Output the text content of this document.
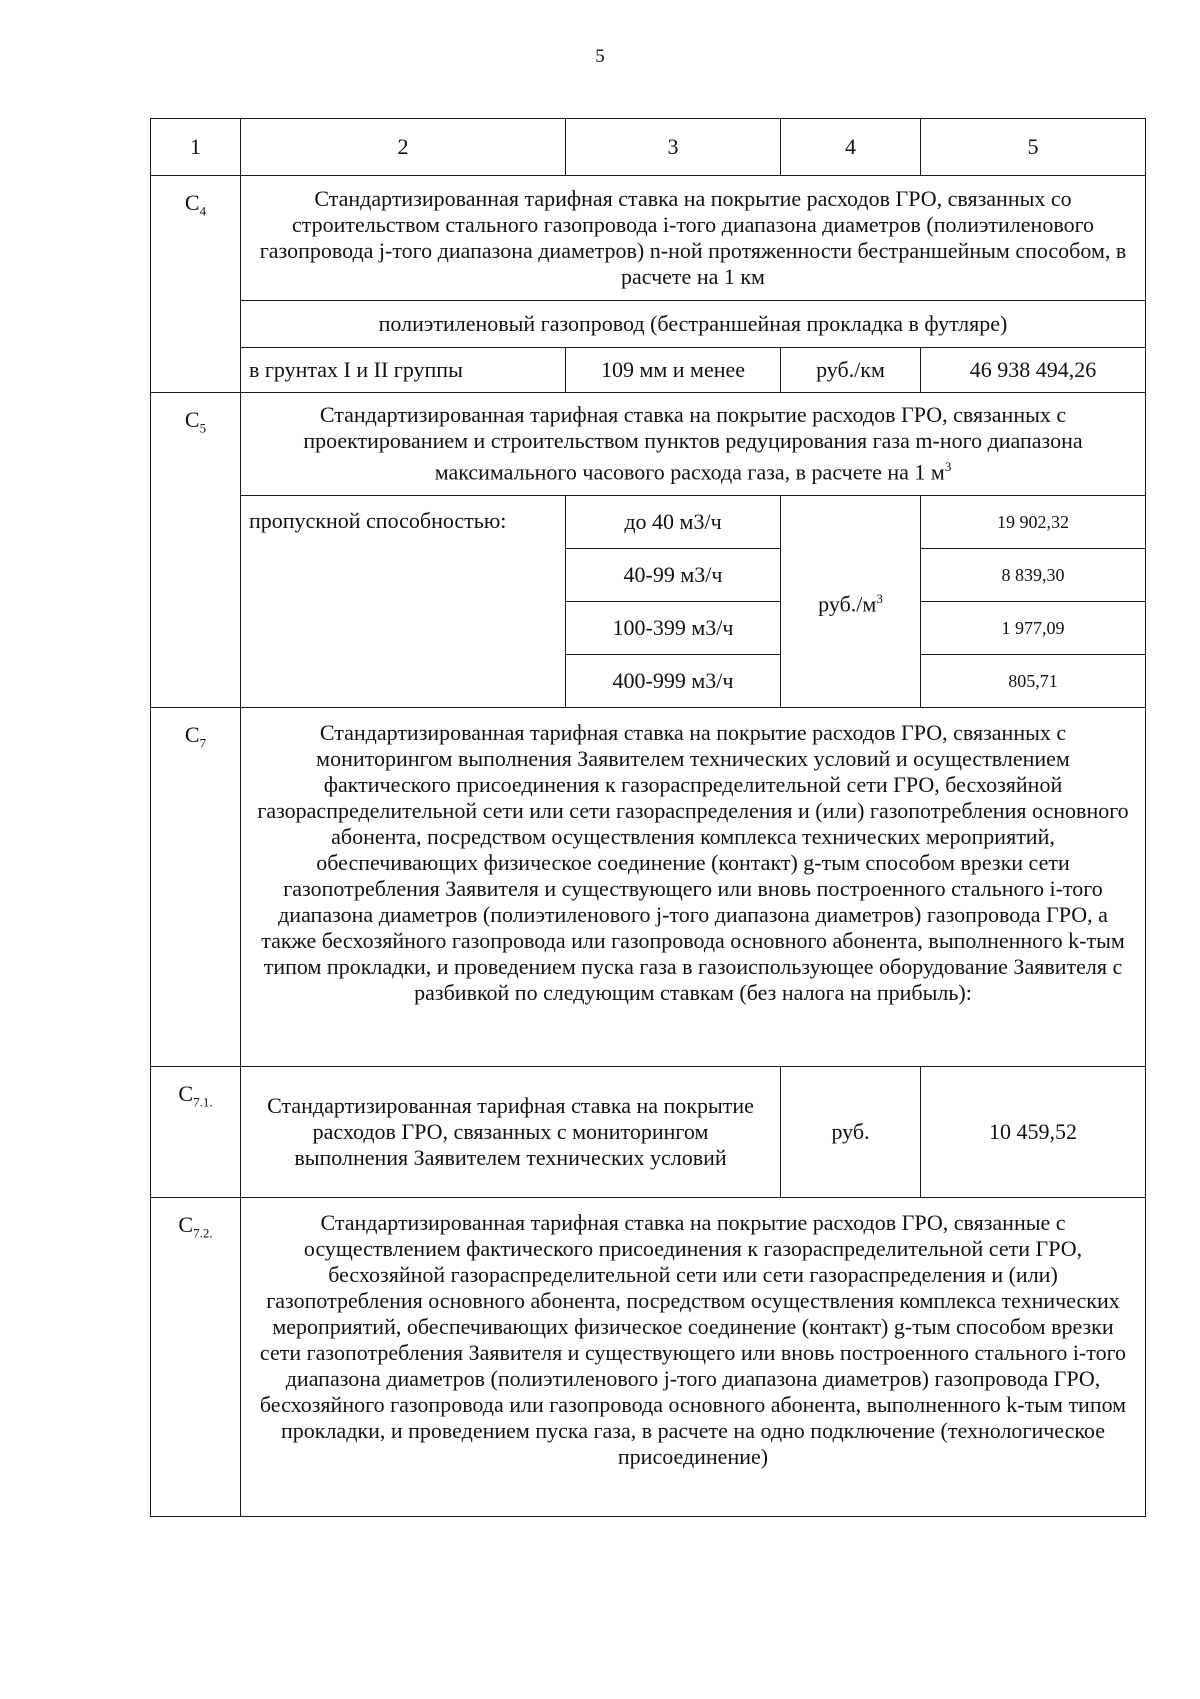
5
1	2	3	4	5
$C_4$	Стандартизированная тарифная ставка на покрытие расходов ГРО, связанных со строительством стального газопровода i-того диапазона диаметров (полиэтиленового газопровода j-того диапазона диаметров) n-ной протяженности бестраншейным способом, в расчете на 1 км			
	полиэтиленовый газопровод (бестраншейная прокладка в футляре)			
	в грунтах I и II группы	109 мм и менее	руб./км	46 938 494,26
$C_5$	Стандартизированная тарифная ставка на покрытие расходов ГРО, связанных с проектированием и строительством пунктов редуцирования газа m-ного диапазона максимального часового расхода газа, в расчете на 1 $м^3$
	пропускной способностью:	до 40 м3/ч	$руб./м^3$	19 902,32
		40-99 м3/ч		8 839,30
		100-399 м3/ч		1 977,09
		400-999 м3/ч		805,71
$C_7$	Стандартизированная тарифная ставка на покрытие расходов ГРО, связанных с мониторингом выполнения Заявителем технических условий и осуществлением фактического присоединения к газораспределительной сети ГРО, бесхозяйной газораспределительной сети или сети газораспределения и (или) газопотребления основного абонента, посредством осуществления комплекса технических мероприятий, обеспечивающих физическое соединение (контакт) g-тым способом врезки сети газопотребления Заявителя и существующего или вновь построенного стального i-того диапазона диаметров (полиэтиленового j-того диапазона диаметров) газопровода ГРО, а также бесхозяйного газопровода или газопровода основного абонента, выполненного k-тым типом прокладки, и проведением пуска газа в газоиспользующее оборудование Заявителя с разбивкой по следующим ставкам (без налога на прибыль):			
$C_{7.1.}$	Стандартизированная тарифная ставка на покрытие расходов ГРО, связанных с мониторингом выполнения Заявителем технических условий		руб.	10 459,52
$C_{7.2.}$	Стандартизированная тарифная ставка на покрытие расходов ГРО, связанные с осуществлением фактического присоединения к газораспределительной сети ГРО, бесхозяйной газораспределительной сети или сети газораспределения и (или) газопотребления основного абонента, посредством осуществления комплекса технических мероприятий, обеспечивающих физическое соединение (контакт) g-тым способом врезки сети газопотребления Заявителя и существующего или вновь построенного стального i-того диапазона диаметров (полиэтиленового j-того диапазона диаметров) газопровода ГРО, бесхозяйного газопровода или газопровода основного абонента, выполненного k-тым типом прокладки, и проведением пуска газа, в расчете на одно подключение (технологическое присоединение)			
